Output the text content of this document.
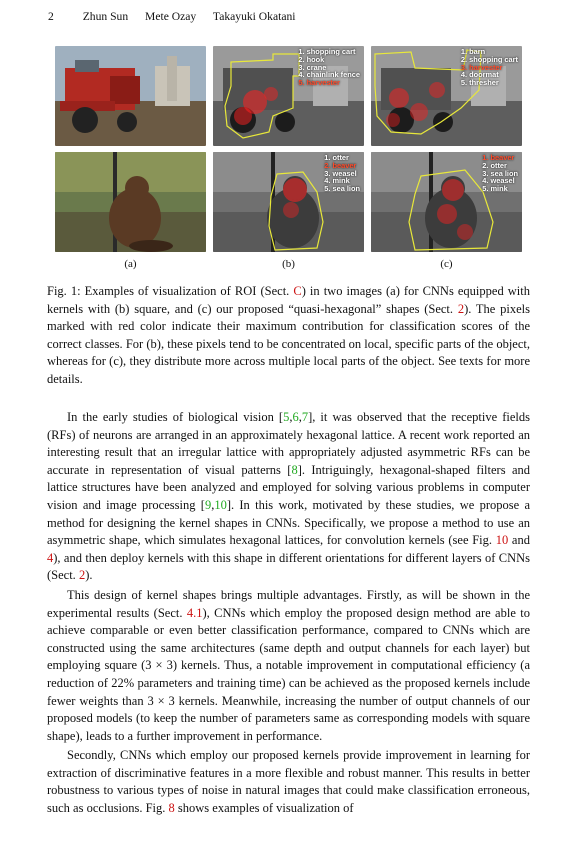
2 Zhun Sun Mete Ozay Takayuki Okatani
1. shopping cart
2. hook
3. crane
4. chainlink fence
5. harvester
1. barn
2. shopping cart
3. harvester
4. doormat
5. thresher
1. otter
2. beaver
3. weasel
4. mink
5. sea lion
1. beaver
2. otter
3. sea lion
4. weasel
5. mink
(a)	(b)	(c)
Fig. 1: Examples of visualization of ROI (Sect. C) in two images (a) for CNNs equipped with kernels with (b) square, and (c) our proposed “quasi-hexagonal” shapes (Sect. 2). The pixels marked with red color indicate their maximum contribution for classification scores of the correct classes. For (b), these pixels tend to be concentrated on local, specific parts of the object, whereas for (c), they distribute more across multiple local parts of the object. See texts for more details.

In the early studies of biological vision [5,6,7], it was observed that the receptive fields (RFs) of neurons are arranged in an approximately hexagonal lattice. A recent work reported an interesting result that an irregular lattice with appropriately adjusted asymmetric RFs can be accurate in representation of visual patterns [8]. Intriguingly, hexagonal-shaped filters and lattice structures have been analyzed and employed for solving various problems in computer vision and image processing [9,10]. In this work, motivated by these studies, we propose a method for designing the kernel shapes in CNNs. Specifically, we propose a method to use an asymmetric shape, which simulates hexagonal lattices, for convolution kernels (see Fig. 10 and 4), and then deploy kernels with this shape in different orientations for different layers of CNNs (Sect. 2).

This design of kernel shapes brings multiple advantages. Firstly, as will be shown in the experimental results (Sect. 4.1), CNNs which employ the proposed design method are able to achieve comparable or even better classification performance, compared to CNNs which are constructed using the same architectures (same depth and output channels for each layer) but employing square (3 × 3) kernels. Thus, a notable improvement in computational efficiency (a reduction of 22% parameters and training time) can be achieved as the proposed kernels include fewer weights than 3 × 3 kernels. Meanwhile, increasing the number of output channels of our proposed models (to keep the number of parameters same as corresponding models with square shape), leads to a further improvement in performance.

Secondly, CNNs which employ our proposed kernels provide improvement in learning for extraction of discriminative features in a more flexible and robust manner. This results in better robustness to various types of noise in natural images that could make classification erroneous, such as occlusions. Fig. 8 shows examples of visualization of
